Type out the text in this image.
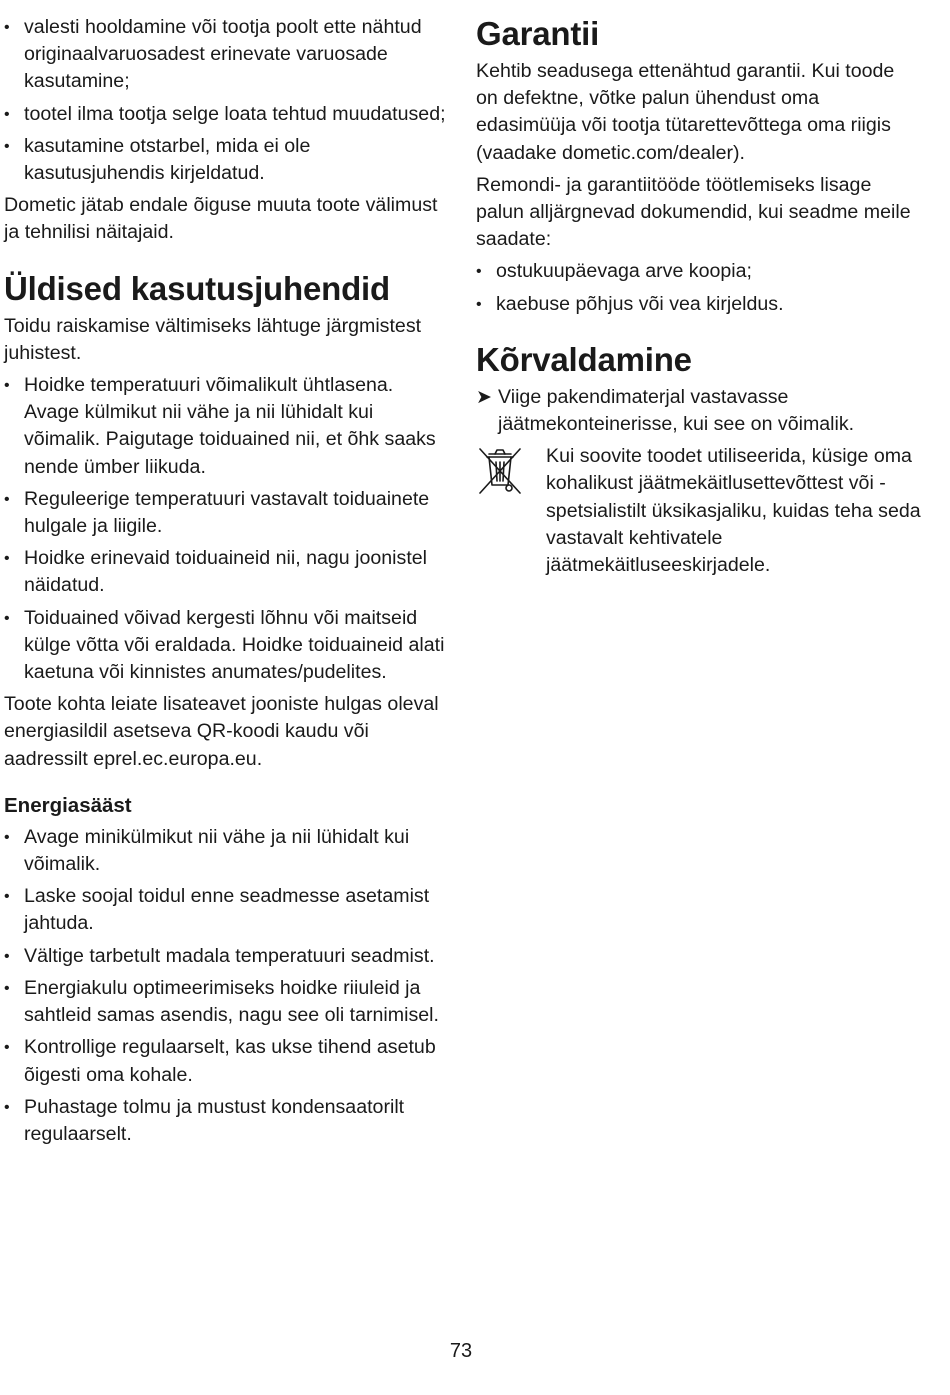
• valesti hooldamine või tootja poolt ette nähtud originaalvaruosadest erinevate varuosade kasutamine;
• tootel ilma tootja selge loata tehtud muudatused;
• kasutamine otstarbel, mida ei ole kasutusjuhendis kirjeldatud.

Dometic jätab endale õiguse muuta toote välimust ja tehnilisi näitajaid.

Üldised kasutusjuhendid

Toidu raiskamise vältimiseks lähtuge järgmistest juhistest.

• Hoidke temperatuuri võimalikult ühtlasena. Avage külmikut nii vähe ja nii lühidalt kui võimalik. Paigutage toiduained nii, et õhk saaks nende ümber liikuda.
• Reguleerige temperatuuri vastavalt toiduainete hulgale ja liigile.
• Hoidke erinevaid toiduaineid nii, nagu joonistel näidatud.
• Toiduained võivad kergesti lõhnu või maitseid külge võtta või eraldada. Hoidke toiduaineid alati kaetuna või kinnistes anumates/pudelites.

Toote kohta leiate lisateavet jooniste hulgas oleval energiasildil asetseva QR-koodi kaudu või aadressilt eprel.ec.europa.eu.

Energiasääst
• Avage minikülmikut nii vähe ja nii lühidalt kui võimalik.
• Laske soojal toidul enne seadmesse asetamist jahtuda.
• Vältige tarbetult madala temperatuuri seadmist.
• Energiakulu optimeerimiseks hoidke riiuleid ja sahtleid samas asendis, nagu see oli tarnimisel.
• Kontrollige regulaarselt, kas ukse tihend asetub õigesti oma kohale.
• Puhastage tolmu ja mustust kondensaatorilt regulaarselt.
Garantii

Kehtib seadusega ettenähtud garantii. Kui toode on defektne, võtke palun ühendust oma edasimüüja või tootja tütarettevõttega oma riigis (vaadake dometic.com/dealer).

Remondi- ja garantiitööde töötlemiseks lisage palun alljärgnevad dokumendid, kui seadme meile saadate:

• ostukuupäevaga arve koopia;
• kaebuse põhjus või vea kirjeldus.
Kõrvaldamine

➤ Viige pakendimaterjal vastavasse jäätmekonteinerisse, kui see on võimalik.

Kui soovite toodet utiliseerida, küsige oma kohalikust jäätmekäitlusettevõttest või -spetsialistilt üksikasjaliku, kuidas teha seda vastavalt kehtivatele jäätmekäitluseeskirjadele.

73
